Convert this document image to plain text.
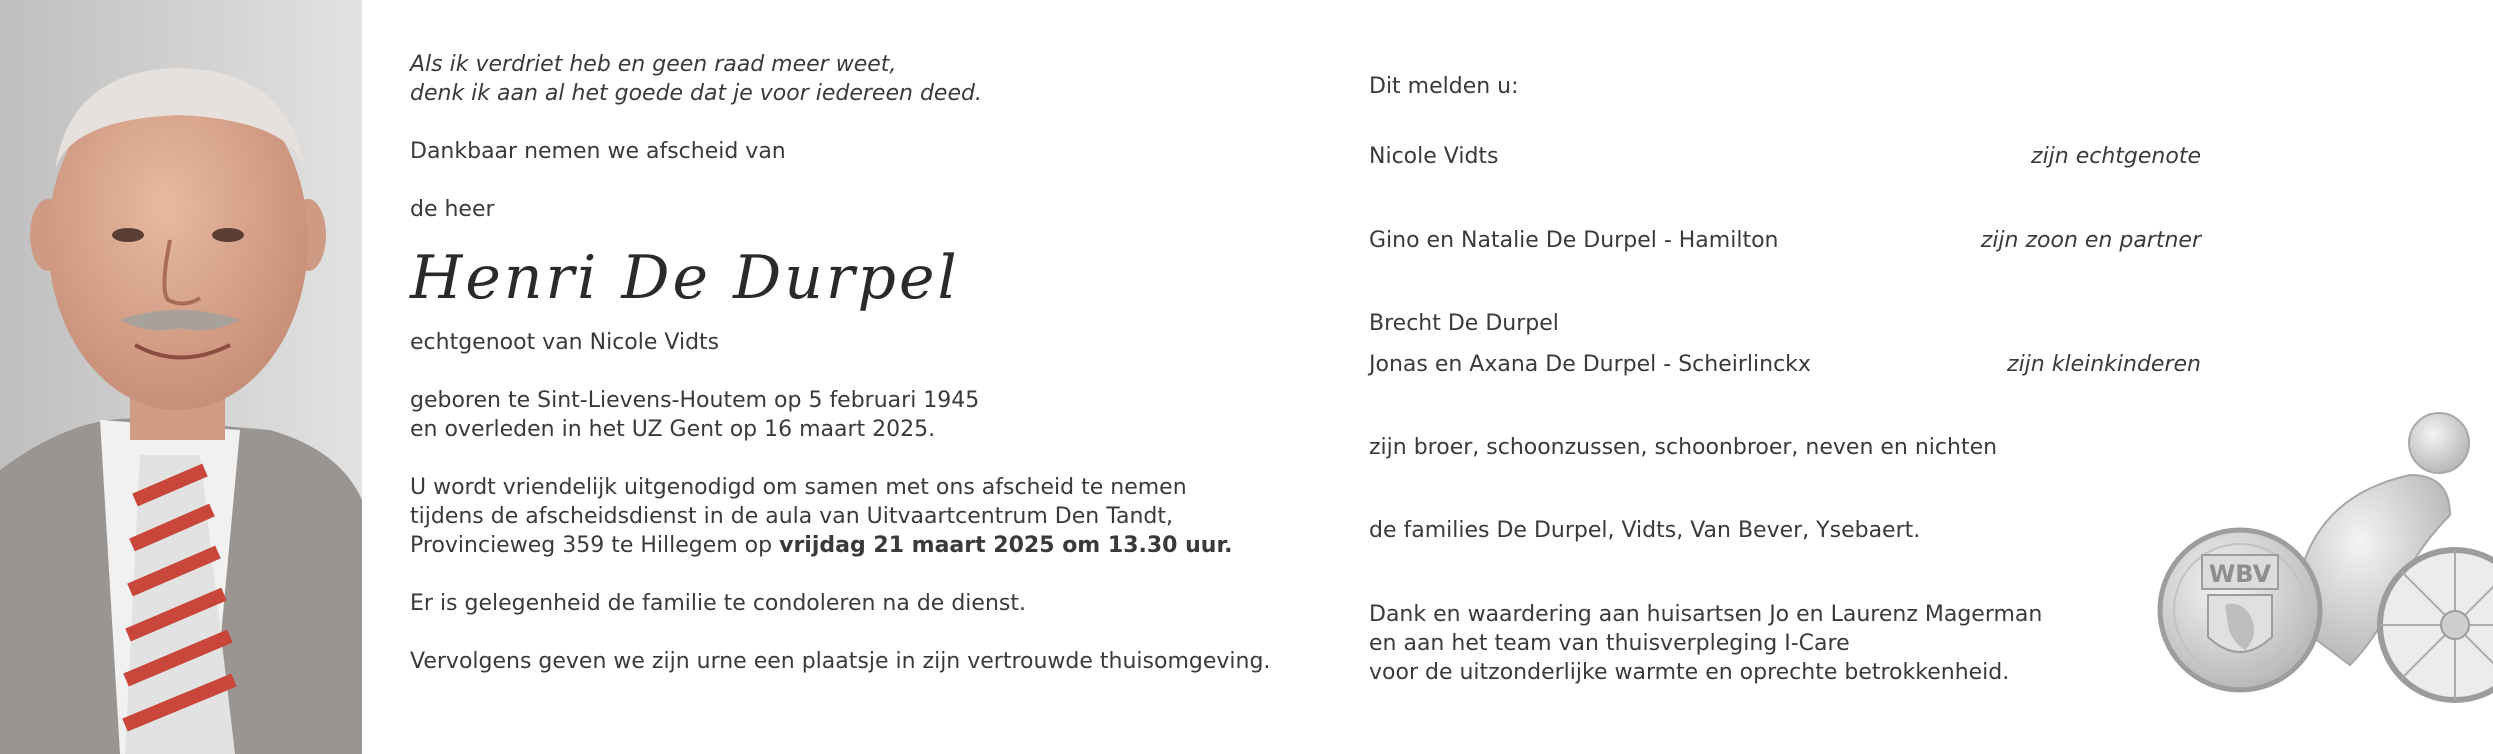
Als ik verdriet heb en geen raad meer weet,

denk ik aan al het goede dat je voor iedereen deed.

Dankbaar nemen we afscheid van

de heer

Henri De Durpel

echtgenoot van Nicole Vidts

geboren te Sint-Lievens-Houtem op 5 februari 1945

en overleden in het UZ Gent op 16 maart 2025.

U wordt vriendelijk uitgenodigd om samen met ons afscheid te nemen

tijdens de afscheidsdienst in de aula van Uitvaartcentrum Den Tandt,

Provincieweg 359 te Hillegem op vrijdag 21 maart 2025 om 13.30 uur.

Er is gelegenheid de familie te condoleren na de dienst.

Vervolgens geven we zijn urne een plaatsje in zijn vertrouwde thuisomgeving.

Dit melden u:

Nicole Vidts	zijn echtgenote
Gino en Natalie De Durpel - Hamilton	zijn zoon en partner

Brecht De Durpel

Jonas en Axana De Durpel - Scheirlinckx	zijn kleinkinderen

zijn broer, schoonzussen, schoonbroer, neven en nichten

de families De Durpel, Vidts, Van Bever, Ysebaert.

Dank en waardering aan huisartsen Jo en Laurenz Magerman

en aan het team van thuisverpleging I-Care

voor de uitzonderlijke warmte en oprechte betrokkenheid.

WBV
